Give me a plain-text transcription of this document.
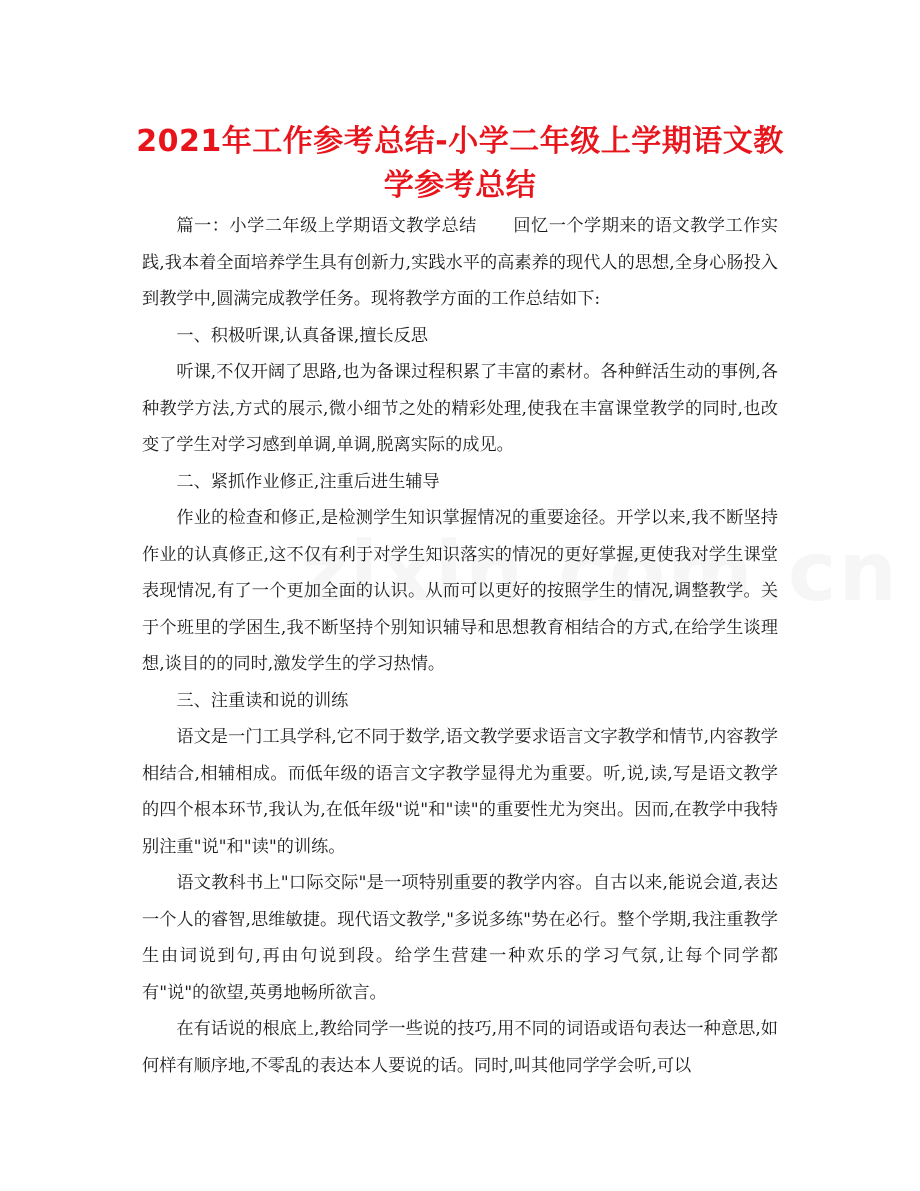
2021年工作参考总结-小学二年级上学期语文教
学参考总结

篇一：小学二年级上学期语文教学总结 回忆一个学期来的语文教学工作实践,我本着全面培养学生具有创新力,实践水平的高素养的现代人的思想,全身心肠投入到教学中,圆满完成教学任务。现将教学方面的工作总结如下:

一、积极听课,认真备课,擅长反思

听课,不仅开阔了思路,也为备课过程积累了丰富的素材。各种鲜活生动的事例,各种教学方法,方式的展示,微小细节之处的精彩处理,使我在丰富课堂教学的同时,也改变了学生对学习感到单调,单调,脱离实际的成见。

二、紧抓作业修正,注重后进生辅导

作业的检查和修正,是检测学生知识掌握情况的重要途径。开学以来,我不断坚持作业的认真修正,这不仅有利于对学生知识落实的情况的更好掌握,更使我对学生课堂表现情况,有了一个更加全面的认识。从而可以更好的按照学生的情况,调整教学。关于个班里的学困生,我不断坚持个别知识辅导和思想教育相结合的方式,在给学生谈理想,谈目的的同时,激发学生的学习热情。

三、注重读和说的训练

语文是一门工具学科,它不同于数学,语文教学要求语言文字教学和情节,内容教学相结合,相辅相成。而低年级的语言文字教学显得尤为重要。听,说,读,写是语文教学的四个根本环节,我认为,在低年级"说"和"读"的重要性尤为突出。因而,在教学中我特别注重"说"和"读"的训练。

语文教科书上"口际交际"是一项特别重要的教学内容。自古以来,能说会道,表达一个人的睿智,思维敏捷。现代语文教学,"多说多练"势在必行。整个学期,我注重教学生由词说到句,再由句说到段。给学生营建一种欢乐的学习气氛,让每个同学都有"说"的欲望,英勇地畅所欲言。

在有话说的根底上,教给同学一些说的技巧,用不同的词语或语句表达一种意思,如何样有顺序地,不零乱的表达本人要说的话。同时,叫其他同学学会听,可以
